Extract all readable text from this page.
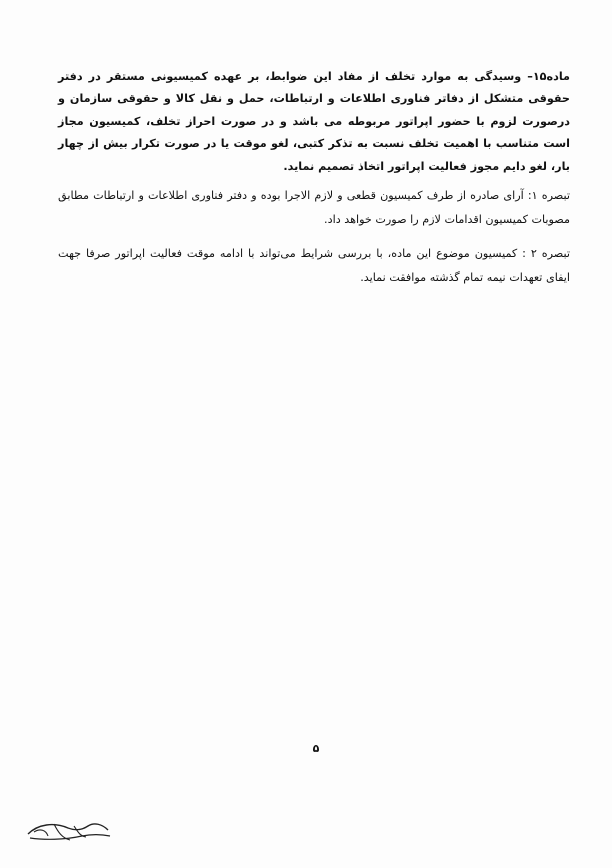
ماده۱۵– وسیدگی به موارد تخلف از مفاد این ضوابط، بر عهده کمیسیونی مستقر در دفتر حقوقی متشکل از دفاتر فناوری اطلاعات و ارتباطات، حمل و نقل کالا و حقوقی سازمان و درصورت لزوم با حضور اپراتور مربوطه می باشد و در صورت احراز تخلف، کمیسیون مجاز است متناسب با اهمیت تخلف نسبت به تذکر کتبی، لغو موقت یا در صورت تکرار بیش از چهار بار، لغو دایم مجوز فعالیت اپراتور اتخاذ تصمیم نماید.

تبصره ۱: آرای صادره از طرف کمیسیون قطعی و لازم الاجرا بوده و دفتر فناوری اطلاعات و ارتباطات مطابق مصوبات کمیسیون اقدامات لازم را صورت خواهد داد.

تبصره ۲ : کمیسیون موضوع این ماده، با بررسی شرایط می‌تواند با ادامه موقت فعالیت اپراتور صرفا جهت ایفای تعهدات نیمه تمام گذشته موافقت نماید.

۵
